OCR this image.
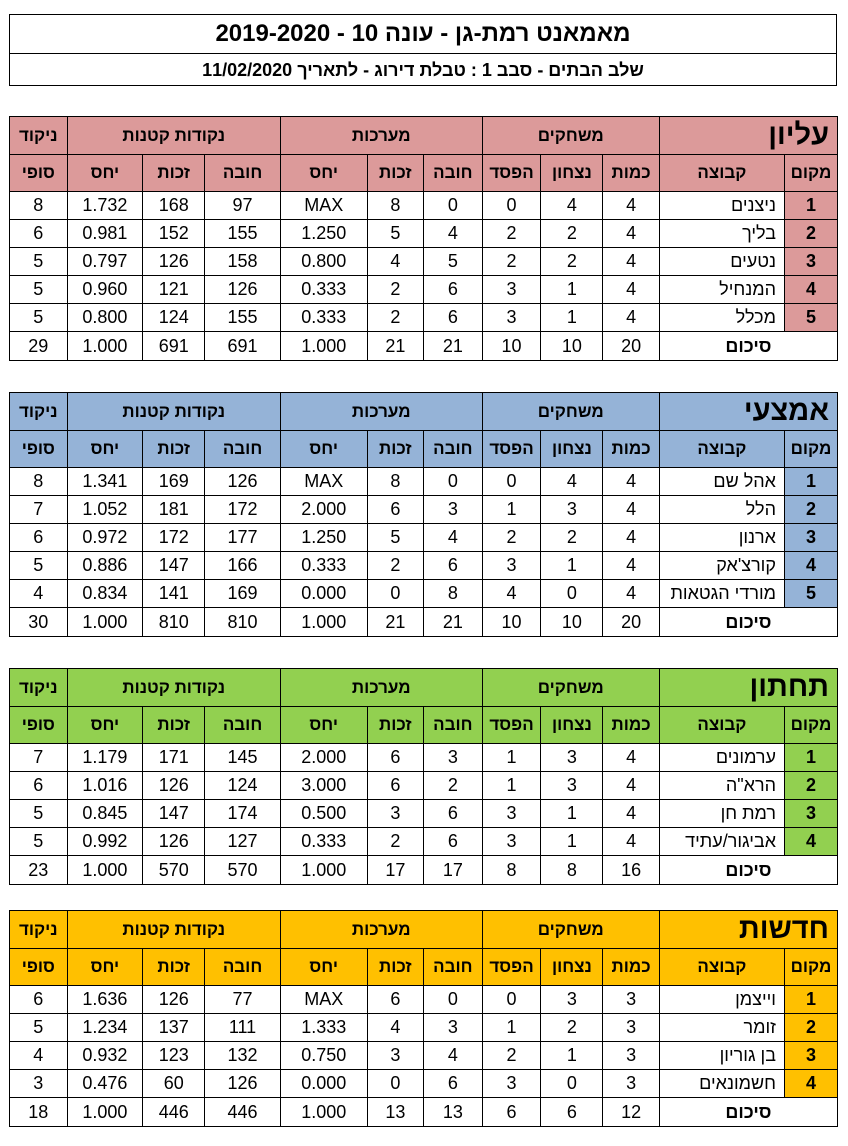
מאמאנט רמת-גן - עונה 10 - 2019-2020
שלב הבתים - סבב 1 : טבלת דירוג - לתאריך 11/02/2020
עליון		משחקים			מערכות			נקודות קטנות			ניקוד
מקום	קבוצה	כמות	נצחון	הפסד	חובה	זכות	יחס	חובה	זכות	יחס	סופי
1	ניצנים	4	4	0	0	8	MAX	97	168	1.732	8
2	בליך	4	2	2	4	5	1.250	155	152	0.981	6
3	נטעים	4	2	2	5	4	0.800	158	126	0.797	5
4	המנחיל	4	1	3	6	2	0.333	126	121	0.960	5
5	מכלל	4	1	3	6	2	0.333	155	124	0.800	5
סיכום		20	10	10	21	21	1.000	691	691	1.000	29
אמצעי		משחקים			מערכות			נקודות קטנות			ניקוד
מקום	קבוצה	כמות	נצחון	הפסד	חובה	זכות	יחס	חובה	זכות	יחס	סופי
1	אהל שם	4	4	0	0	8	MAX	126	169	1.341	8
2	הלל	4	3	1	3	6	2.000	172	181	1.052	7
3	ארנון	4	2	2	4	5	1.250	177	172	0.972	6
4	קורצ'אק	4	1	3	6	2	0.333	166	147	0.886	5
5	מורדי הגטאות	4	0	4	8	0	0.000	169	141	0.834	4
סיכום		20	10	10	21	21	1.000	810	810	1.000	30
תחתון		משחקים			מערכות			נקודות קטנות			ניקוד
מקום	קבוצה	כמות	נצחון	הפסד	חובה	זכות	יחס	חובה	זכות	יחס	סופי
1	ערמונים	4	3	1	3	6	2.000	145	171	1.179	7
2	הרא"ה	4	3	1	2	6	3.000	124	126	1.016	6
3	רמת חן	4	1	3	6	3	0.500	174	147	0.845	5
4	אביגור/עתיד	4	1	3	6	2	0.333	127	126	0.992	5
סיכום		16	8	8	17	17	1.000	570	570	1.000	23
חדשות		משחקים			מערכות			נקודות קטנות			ניקוד
מקום	קבוצה	כמות	נצחון	הפסד	חובה	זכות	יחס	חובה	זכות	יחס	סופי
1	וייצמן	3	3	0	0	6	MAX	77	126	1.636	6
2	זומר	3	2	1	3	4	1.333	111	137	1.234	5
3	בן גוריון	3	1	2	4	3	0.750	132	123	0.932	4
4	חשמונאים	3	0	3	6	0	0.000	126	60	0.476	3
סיכום		12	6	6	13	13	1.000	446	446	1.000	18
